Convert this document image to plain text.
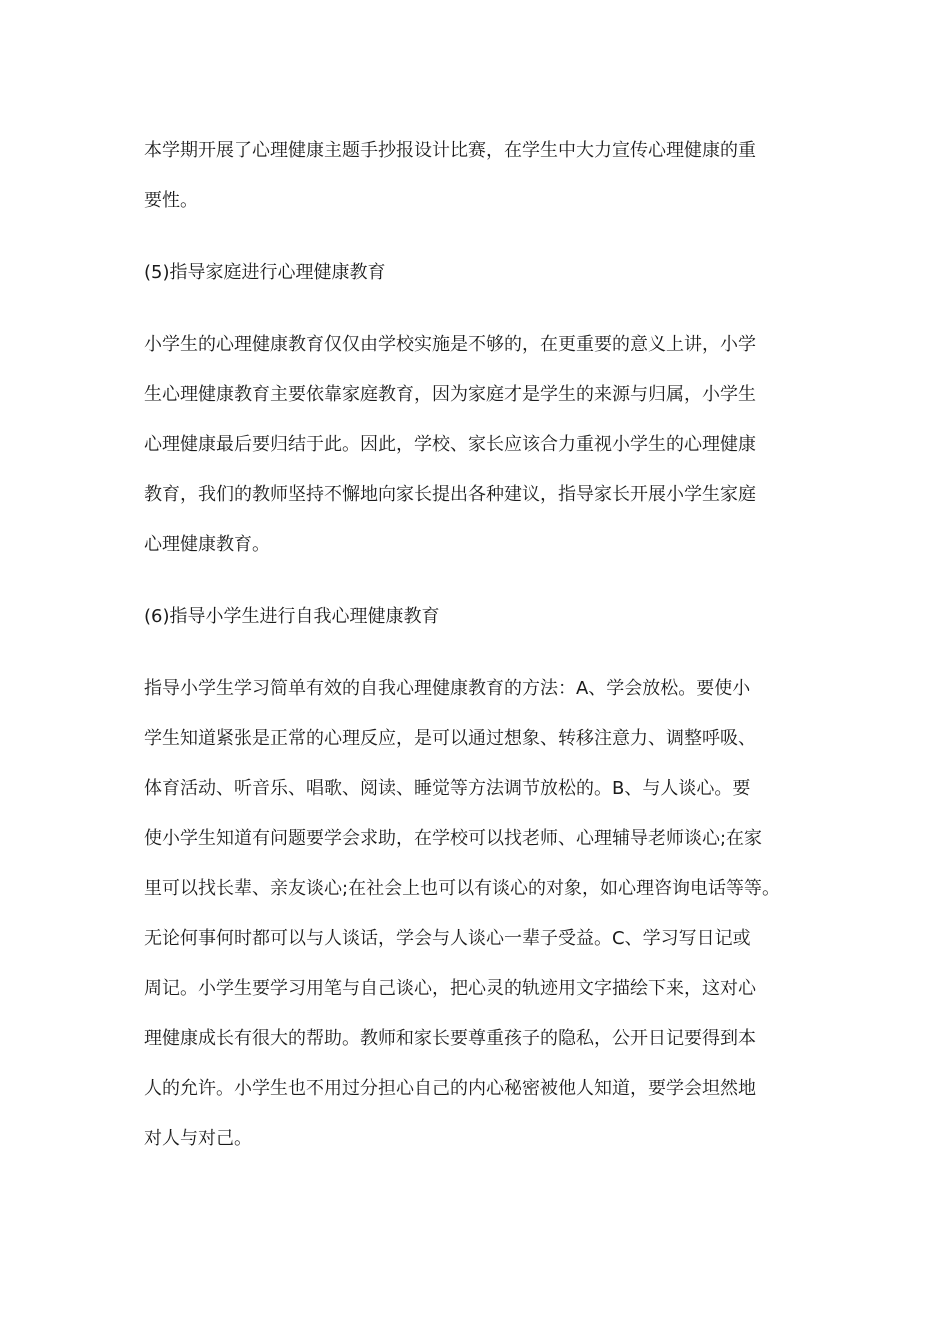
本学期开展了心理健康主题手抄报设计比赛，在学生中大力宣传心理健康的重
要性。

(5)指导家庭进行心理健康教育

小学生的心理健康教育仅仅由学校实施是不够的，在更重要的意义上讲，小学
生心理健康教育主要依靠家庭教育，因为家庭才是学生的来源与归属，小学生
心理健康最后要归结于此。因此，学校、家长应该合力重视小学生的心理健康
教育，我们的教师坚持不懈地向家长提出各种建议，指导家长开展小学生家庭
心理健康教育。

(6)指导小学生进行自我心理健康教育

指导小学生学习简单有效的自我心理健康教育的方法：A、学会放松。要使小
学生知道紧张是正常的心理反应，是可以通过想象、转移注意力、调整呼吸、
体育活动、听音乐、唱歌、阅读、睡觉等方法调节放松的。B、与人谈心。要
使小学生知道有问题要学会求助，在学校可以找老师、心理辅导老师谈心;在家
里可以找长辈、亲友谈心;在社会上也可以有谈心的对象，如心理咨询电话等等。
无论何事何时都可以与人谈话，学会与人谈心一辈子受益。C、学习写日记或
周记。小学生要学习用笔与自己谈心，把心灵的轨迹用文字描绘下来，这对心
理健康成长有很大的帮助。教师和家长要尊重孩子的隐私，公开日记要得到本
人的允许。小学生也不用过分担心自己的内心秘密被他人知道，要学会坦然地
对人与对己。
